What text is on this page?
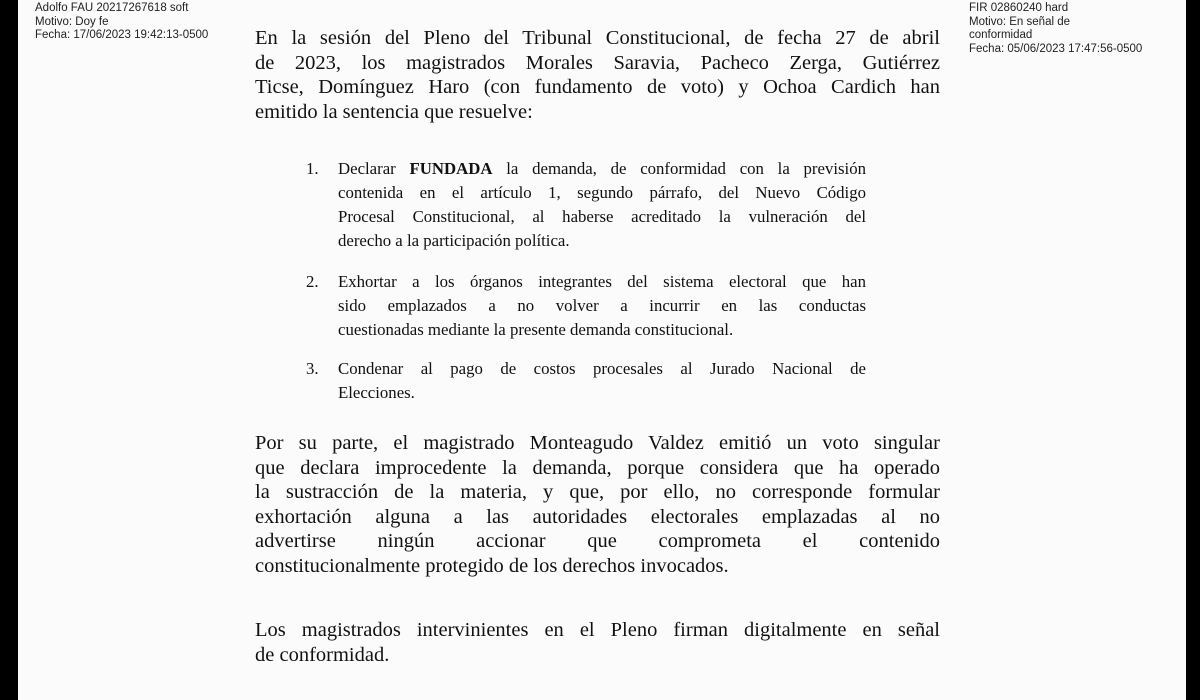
Adolfo FAU 20217267618 soft
Motivo: Doy fe
Fecha: 17/06/2023 19:42:13-0500
FIR 02860240 hard
Motivo: En señal de
conformidad
Fecha: 05/06/2023 17:47:56-0500
En la sesión del Pleno del Tribunal Constitucional, de fecha 27 de abril
de 2023, los magistrados Morales Saravia, Pacheco Zerga, Gutiérrez
Ticse, Domínguez Haro (con fundamento de voto) y Ochoa Cardich han
emitido la sentencia que resuelve:
1. Declarar FUNDADA la demanda, de conformidad con la previsión
contenida en el artículo 1, segundo párrafo, del Nuevo Código
Procesal Constitucional, al haberse acreditado la vulneración del
derecho a la participación política.
2. Exhortar a los órganos integrantes del sistema electoral que han
sido emplazados a no volver a incurrir en las conductas
cuestionadas mediante la presente demanda constitucional.
3. Condenar al pago de costos procesales al Jurado Nacional de
Elecciones.
Por su parte, el magistrado Monteagudo Valdez emitió un voto singular
que declara improcedente la demanda, porque considera que ha operado
la sustracción de la materia, y que, por ello, no corresponde formular
exhortación alguna a las autoridades electorales emplazadas al no
advertirse ningún accionar que comprometa el contenido
constitucionalmente protegido de los derechos invocados.
Los magistrados intervinientes en el Pleno firman digitalmente en señal
de conformidad.
